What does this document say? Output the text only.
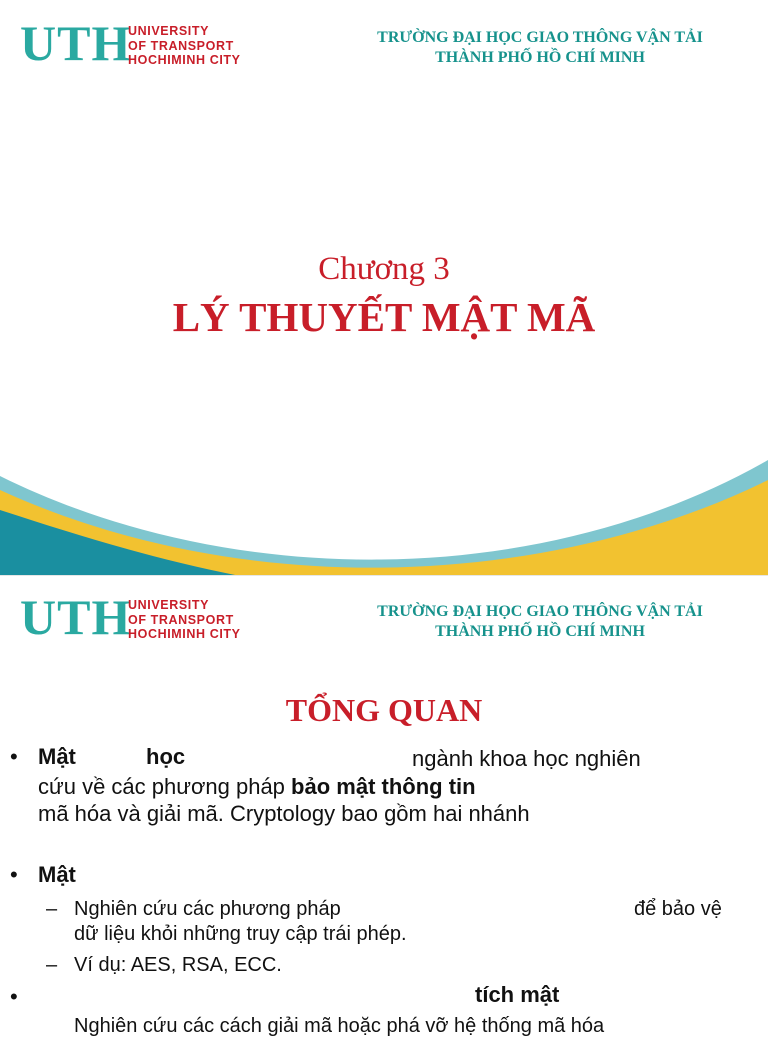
UTH
UNIVERSITY
OF TRANSPORT
HOCHIMINH CITY
TRƯỜNG ĐẠI HỌC GIAO THÔNG VẬN TẢI
THÀNH PHỐ HỒ CHÍ MINH
Chương 3
LÝ THUYẾT MẬT MÃ
UTH
UNIVERSITY
OF TRANSPORT
HOCHIMINH CITY
TRƯỜNG ĐẠI HỌC GIAO THÔNG VẬN TẢI
THÀNH PHỐ HỒ CHÍ MINH
TỔNG QUAN
• Mật	học	ngành khoa học nghiên
cứu về các phương pháp bảo mật thông tin
mã hóa và giải mã. Cryptology bao gồm hai nhánh
• Mật
– Nghiên cứu các phương pháp	để bảo vệ
dữ liệu khỏi những truy cập trái phép.
– Ví dụ: AES, RSA, ECC.
•	tích mật
Nghiên cứu các cách giải mã hoặc phá vỡ hệ thống mã hóa
